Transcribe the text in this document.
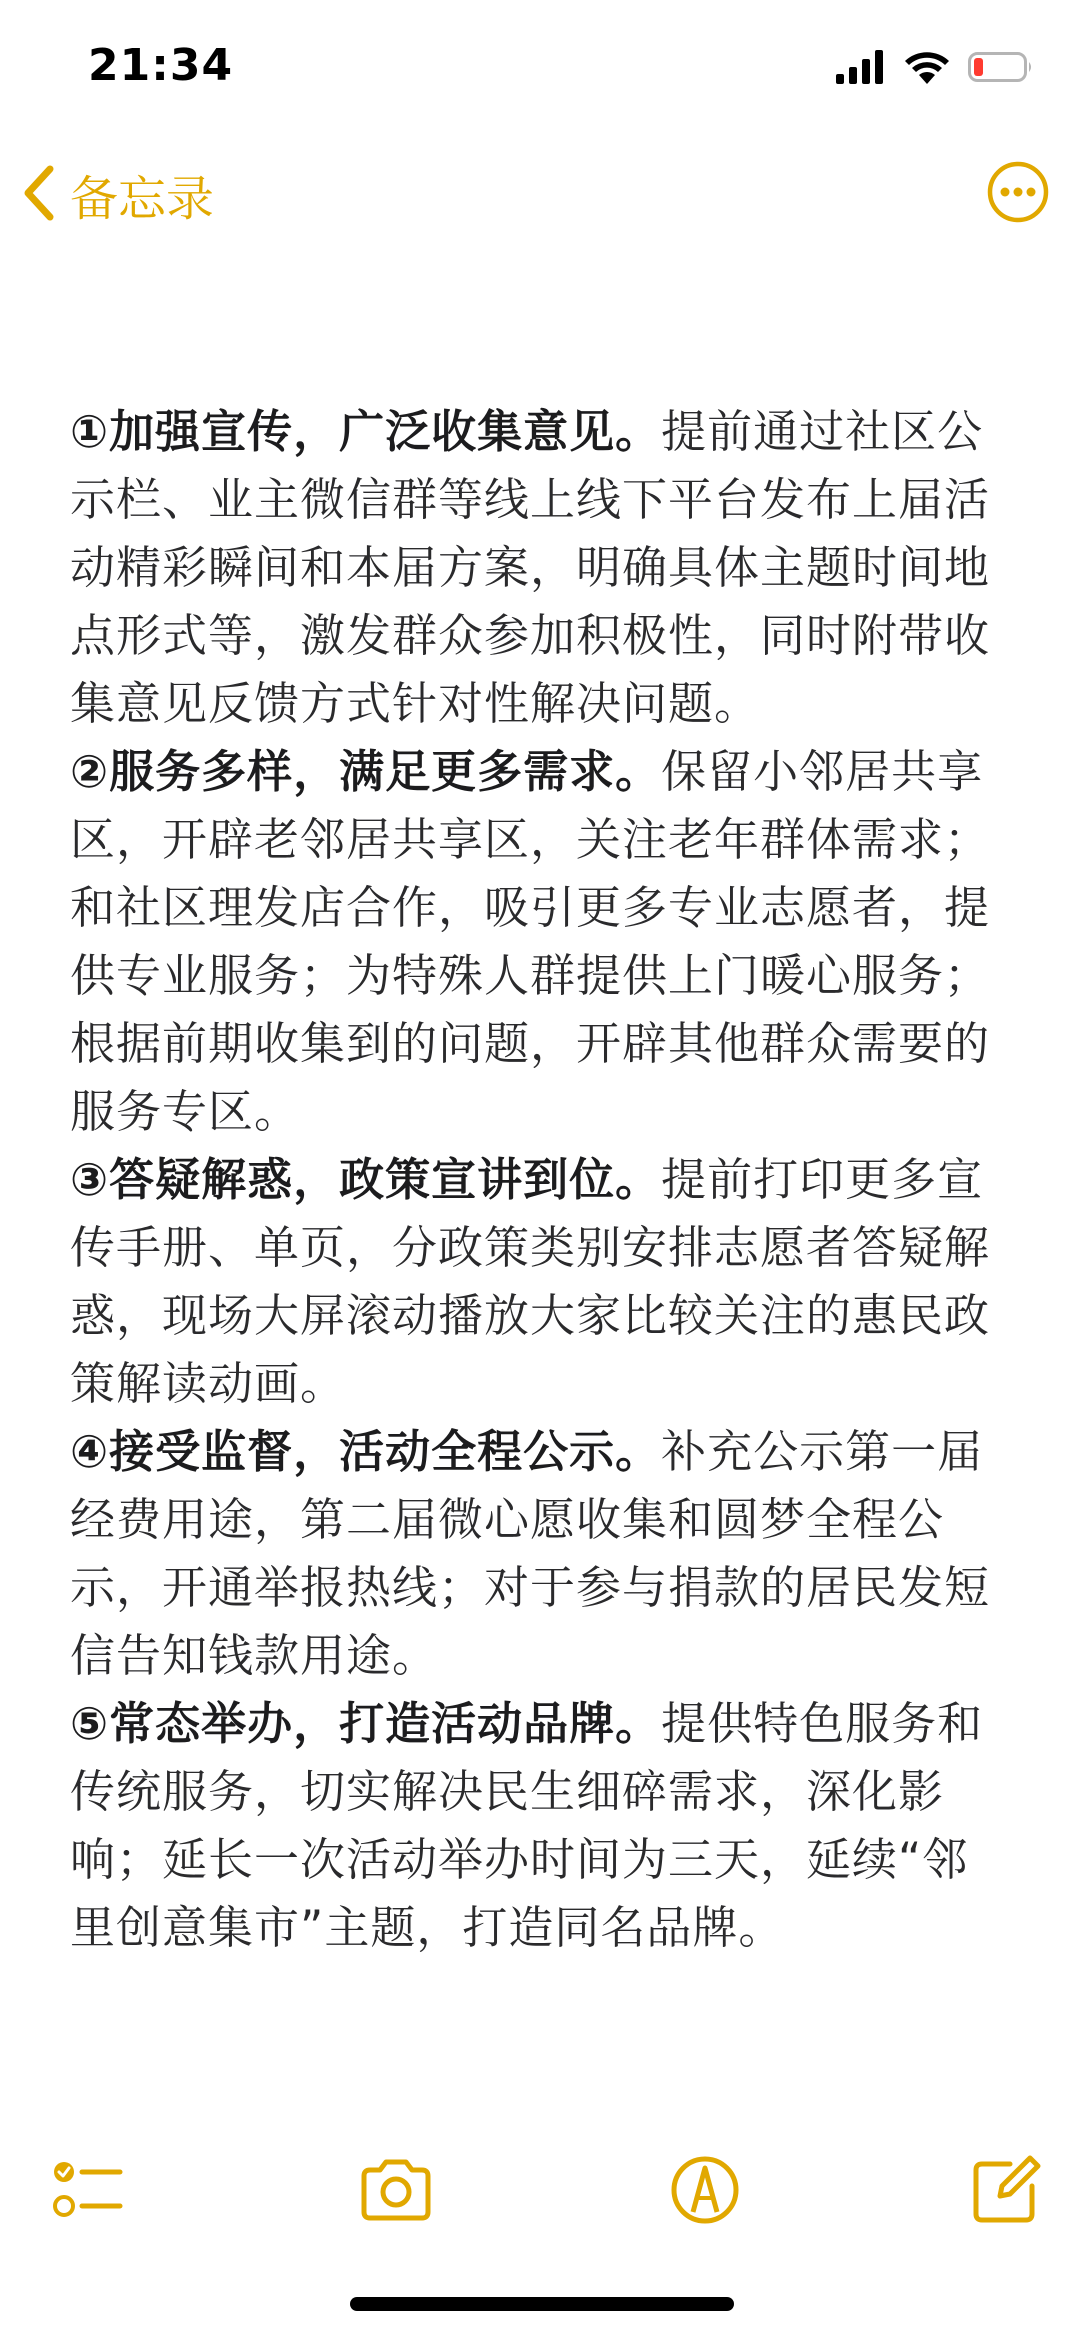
21:34
备忘录

①加强宣传，广泛收集意见。提前通过社区公示栏、业主微信群等线上线下平台发布上届活动精彩瞬间和本届方案，明确具体主题时间地点形式等，激发群众参加积极性，同时附带收集意见反馈方式针对性解决问题。

②服务多样，满足更多需求。保留小邻居共享区，开辟老邻居共享区，关注老年群体需求；和社区理发店合作，吸引更多专业志愿者，提供专业服务；为特殊人群提供上门暖心服务；根据前期收集到的问题，开辟其他群众需要的服务专区。

③答疑解惑，政策宣讲到位。提前打印更多宣传手册、单页，分政策类别安排志愿者答疑解惑，现场大屏滚动播放大家比较关注的惠民政策解读动画。

④接受监督，活动全程公示。补充公示第一届经费用途，第二届微心愿收集和圆梦全程公示，开通举报热线；对于参与捐款的居民发短信告知钱款用途。

⑤常态举办，打造活动品牌。提供特色服务和传统服务，切实解决民生细碎需求，深化影响；延长一次活动举办时间为三天，延续“邻里创意集市”主题，打造同名品牌。
